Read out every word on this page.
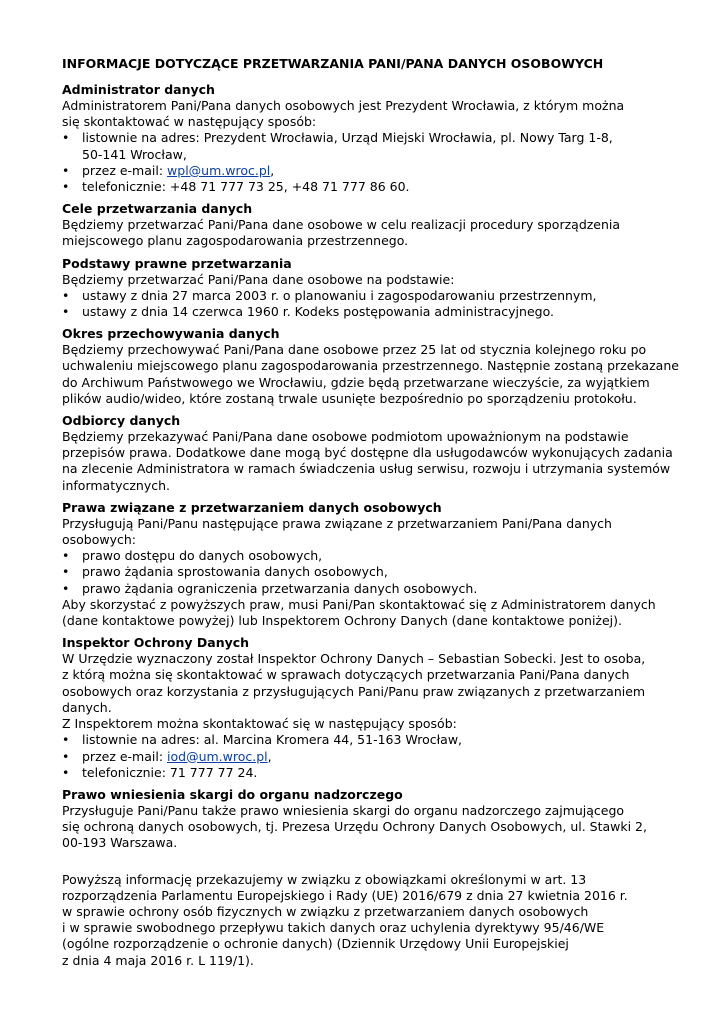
INFORMACJE DOTYCZĄCE PRZETWARZANIA PANI/PANA DANYCH OSOBOWYCH
Administrator danych
Administratorem Pani/Pana danych osobowych jest Prezydent Wrocławia, z którym można
się skontaktować w następujący sposób:
• listownie na adres: Prezydent Wrocławia, Urząd Miejski Wrocławia, pl. Nowy Targ 1-8,
50-141 Wrocław,
• przez e-mail: wpl@um.wroc.pl,
• telefonicznie: +48 71 777 73 25, +48 71 777 86 60.
Cele przetwarzania danych
Będziemy przetwarzać Pani/Pana dane osobowe w celu realizacji procedury sporządzenia
miejscowego planu zagospodarowania przestrzennego.
Podstawy prawne przetwarzania
Będziemy przetwarzać Pani/Pana dane osobowe na podstawie:
• ustawy z dnia 27 marca 2003 r. o planowaniu i zagospodarowaniu przestrzennym,
• ustawy z dnia 14 czerwca 1960 r. Kodeks postępowania administracyjnego.
Okres przechowywania danych
Będziemy przechowywać Pani/Pana dane osobowe przez 25 lat od stycznia kolejnego roku po
uchwaleniu miejscowego planu zagospodarowania przestrzennego. Następnie zostaną przekazane
do Archiwum Państwowego we Wrocławiu, gdzie będą przetwarzane wieczyście, za wyjątkiem
plików audio/wideo, które zostaną trwale usunięte bezpośrednio po sporządzeniu protokołu.
Odbiorcy danych
Będziemy przekazywać Pani/Pana dane osobowe podmiotom upoważnionym na podstawie
przepisów prawa. Dodatkowe dane mogą być dostępne dla usługodawców wykonujących zadania
na zlecenie Administratora w ramach świadczenia usług serwisu, rozwoju i utrzymania systemów
informatycznych.
Prawa związane z przetwarzaniem danych osobowych
Przysługują Pani/Panu następujące prawa związane z przetwarzaniem Pani/Pana danych
osobowych:
• prawo dostępu do danych osobowych,
• prawo żądania sprostowania danych osobowych,
• prawo żądania ograniczenia przetwarzania danych osobowych.
Aby skorzystać z powyższych praw, musi Pani/Pan skontaktować się z Administratorem danych
(dane kontaktowe powyżej) lub Inspektorem Ochrony Danych (dane kontaktowe poniżej).
Inspektor Ochrony Danych
W Urzędzie wyznaczony został Inspektor Ochrony Danych – Sebastian Sobecki. Jest to osoba,
z którą można się skontaktować w sprawach dotyczących przetwarzania Pani/Pana danych
osobowych oraz korzystania z przysługujących Pani/Panu praw związanych z przetwarzaniem
danych.
Z Inspektorem można skontaktować się w następujący sposób:
• listownie na adres: al. Marcina Kromera 44, 51-163 Wrocław,
• przez e-mail: iod@um.wroc.pl,
• telefonicznie: 71 777 77 24.
Prawo wniesienia skargi do organu nadzorczego
Przysługuje Pani/Panu także prawo wniesienia skargi do organu nadzorczego zajmującego
się ochroną danych osobowych, tj. Prezesa Urzędu Ochrony Danych Osobowych, ul. Stawki 2,
00-193 Warszawa.
Powyższą informację przekazujemy w związku z obowiązkami określonymi w art. 13
rozporządzenia Parlamentu Europejskiego i Rady (UE) 2016/679 z dnia 27 kwietnia 2016 r.
w sprawie ochrony osób fizycznych w związku z przetwarzaniem danych osobowych
i w sprawie swobodnego przepływu takich danych oraz uchylenia dyrektywy 95/46/WE
(ogólne rozporządzenie o ochronie danych) (Dziennik Urzędowy Unii Europejskiej
z dnia 4 maja 2016 r. L 119/1).
